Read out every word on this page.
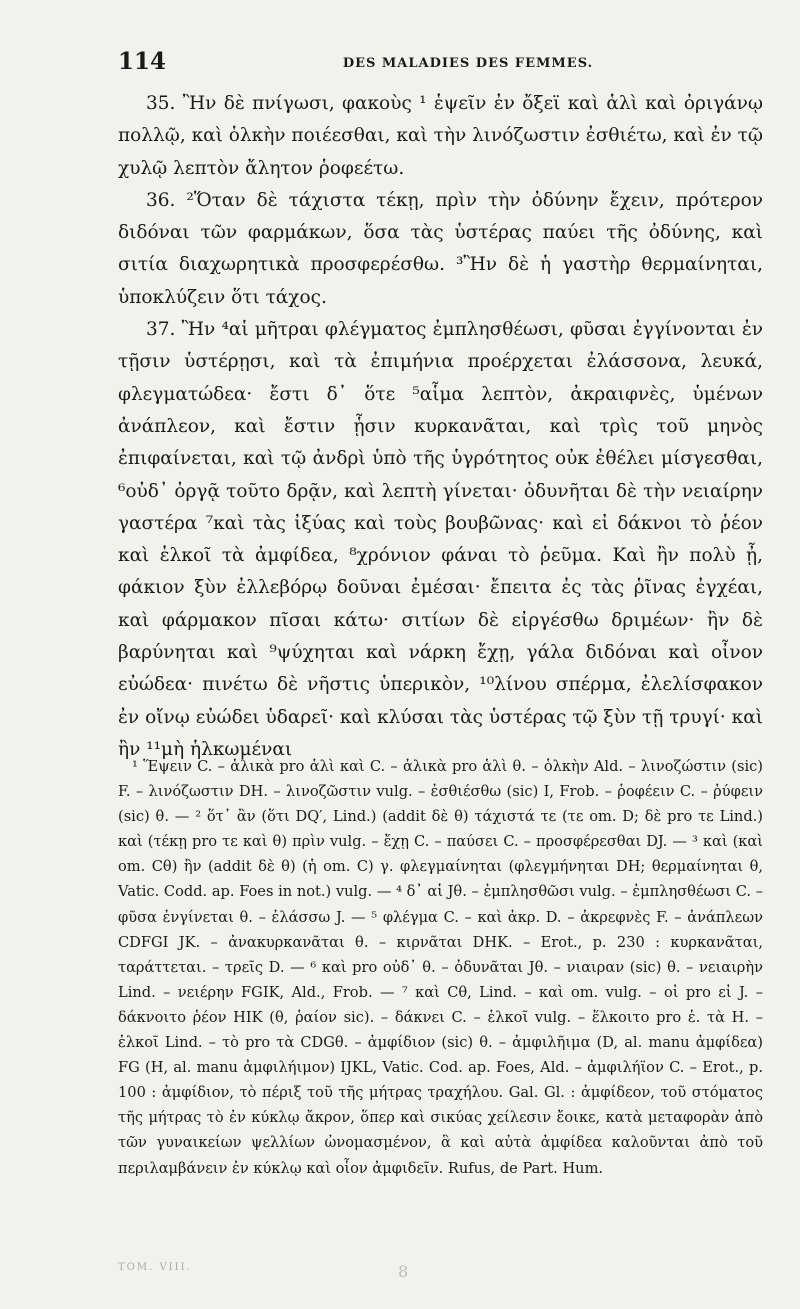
114	DES MALADIES DES FEMMES.

35. Ἢν δὲ πνίγωσι, φακοὺς ¹ ἑψεῖν ἐν ὄξεϊ καὶ ἁλὶ καὶ ὀριγάνῳ πολλῷ, καὶ ὁλκὴν ποιέεσθαι, καὶ τὴν λινόζωστιν ἐσθιέτω, καὶ ἐν τῷ χυλῷ λεπτὸν ἄλητον ῥοφεέτω.

36. ²Ὅταν δὲ τάχιστα τέκῃ, πρὶν τὴν ὀδύνην ἔχειν, πρότερον διδόναι τῶν φαρμάκων, ὅσα τὰς ὑστέρας παύει τῆς ὀδύνης, καὶ σιτία διαχωρητικὰ προσφερέσθω. ³Ἢν δὲ ἡ γαστὴρ θερμαίνηται, ὑποκλύζειν ὅτι τάχος.

37. Ἢν ⁴αἱ μῆτραι φλέγματος ἐμπλησθέωσι, φῦσαι ἐγγίνονται ἐν τῇσιν ὑστέρῃσι, καὶ τὰ ἐπιμήνια προέρχεται ἐλάσσονα, λευκά, φλεγματώδεα· ἔστι δ᾽ ὅτε ⁵αἷμα λεπτὸν, ἀκραιφνὲς, ὑμένων ἀνάπλεον, καὶ ἔστιν ᾗσιν κυρκανᾶται, καὶ τρὶς τοῦ μηνὸς ἐπιφαίνεται, καὶ τῷ ἀνδρὶ ὑπὸ τῆς ὑγρότητος οὐκ ἐθέλει μίσγεσθαι, ⁶οὐδ᾽ ὀργᾷ τοῦτο δρᾷν, καὶ λεπτὴ γίνεται· ὀδυνῆται δὲ τὴν νειαίρην γαστέρα ⁷καὶ τὰς ἰξύας καὶ τοὺς βουβῶνας· καὶ εἰ δάκνοι τὸ ῥέον καὶ ἑλκοῖ τὰ ἀμφίδεα, ⁸χρόνιον φάναι τὸ ῥεῦμα. Καὶ ἢν πολὺ ᾖ, φάκιον ξὺν ἐλλεβόρῳ δοῦναι ἐμέσαι· ἔπειτα ἐς τὰς ῥῖνας ἐγχέαι, καὶ φάρμακον πῖσαι κάτω· σιτίων δὲ εἰργέσθω δριμέων· ἢν δὲ βαρύνηται καὶ ⁹ψύχηται καὶ νάρκη ἔχῃ, γάλα διδόναι καὶ οἶνον εὐώδεα· πινέτω δὲ νῆστις ὑπερικὸν, ¹⁰λίνου σπέρμα, ἐλελίσφακον ἐν οἴνῳ εὐώδει ὑδαρεῖ· καὶ κλύσαι τὰς ὑστέρας τῷ ξὺν τῇ τρυγί· καὶ ἢν ¹¹μὴ ἡλκωμέναι

¹ Ἕψειν C. – ἁλικὰ pro ἁλὶ καὶ C. – ἁλικὰ pro ἁλὶ θ. – ὁλκὴν Ald. – λινοζώστιν (sic) F. – λινόζωστιν DH. – λινοζῶστιν vulg. – ἐσθιέσθω (sic) I, Frob. – ῥοφέειν C. – ῥύφειν (sic) θ. — ² ὅτ᾽ ἂν (ὅτι DQ′, Lind.) (addit δὲ θ) τάχιστά τε (τε om. D; δὲ pro τε Lind.) καὶ (τέκῃ pro τε καὶ θ) πρὶν vulg. – ἔχῃ C. – παύσει C. – προσφέρεσθαι DJ. — ³ καὶ (καὶ om. Cθ) ἢν (addit δὲ θ) (ἡ om. C) γ. φλεγμαίνηται (φλεγμήνηται DH; θερμαίνηται θ, Vatic. Codd. ap. Foes in not.) vulg. — ⁴ δ᾽ αἱ Jθ. – ἐμπλησθῶσι vulg. – ἐμπλησθέωσι C. – φῦσα ἐνγίνεται θ. – ἐλάσσω J. — ⁵ φλέγμα C. – καὶ ἀκρ. D. – ἀκρεφνὲς F. – ἀνάπλεων CDFGI JK. – ἀνακυρκανᾶται θ. – κιρνᾶται DHK. – Erot., p. 230 : κυρκανᾶται, ταράττεται. – τρεῖς D. — ⁶ καὶ pro οὐδ᾽ θ. – ὀδυνᾶται Jθ. – νιαιραν (sic) θ. – νειαιρὴν Lind. – νειέρην FGIK, Ald., Frob. — ⁷ καὶ Cθ, Lind. – καὶ om. vulg. – οἱ pro εἰ J. – δάκνοιτο ῥέον HIK (θ, ῥαίον sic). – δάκνει C. – ἑλκοῖ vulg. – ἕλκοιτο pro ἑ. τὰ H. – ἑλκοῖ Lind. – τὸ pro τὰ CDGθ. – ἀμφίδιον (sic) θ. – ἀμφιλῆιμα (D, al. manu ἀμφίδεα) FG (H, al. manu ἀμφιλήιμον) IJKL, Vatic. Cod. ap. Foes, Ald. – ἀμφιλήϊον C. – Erot., p. 100 : ἀμφίδιον, τὸ πέριξ τοῦ τῆς μήτρας τραχήλου. Gal. Gl. : ἀμφίδεον, τοῦ στόματος τῆς μήτρας τὸ ἐν κύκλῳ ἄκρον, ὅπερ καὶ σικύας χείλεσιν ἔοικε, κατὰ μεταφορὰν ἀπὸ τῶν γυναικείων ψελλίων ὠνομασμένον, ἃ καὶ αὐτὰ ἀμφίδεα καλοῦνται ἀπὸ τοῦ περιλαμβάνειν ἐν κύκλῳ καὶ οἷον ἀμφιδεῖν. Rufus, de Part. Hum.

TOM. VIII.	8
